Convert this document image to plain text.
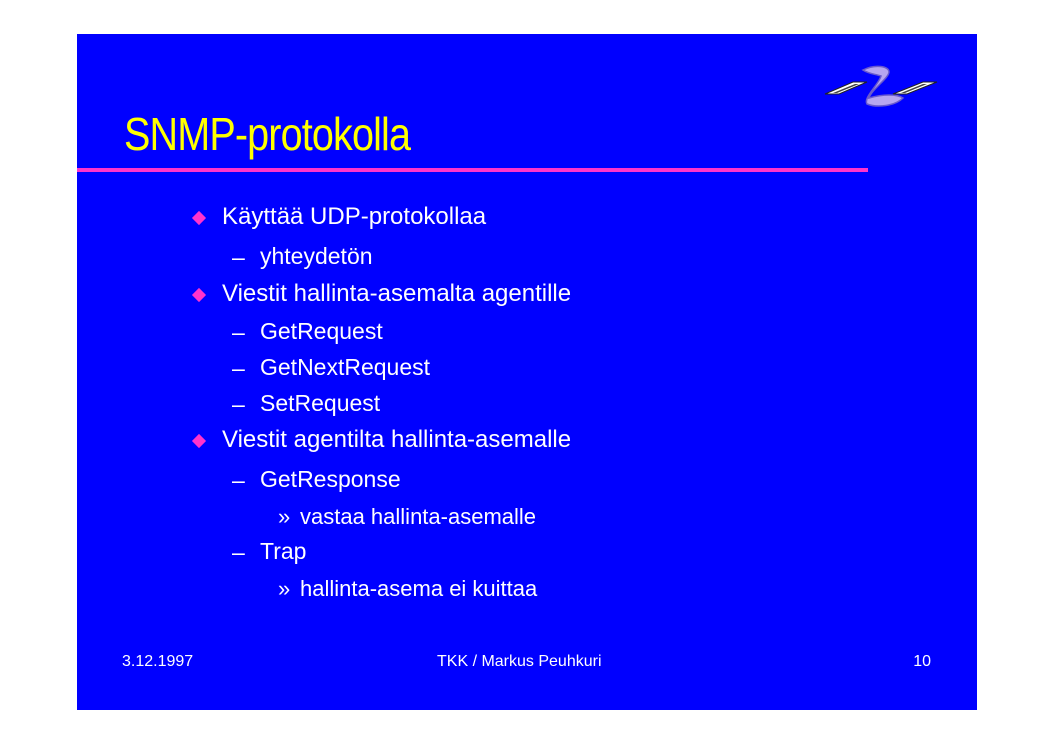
SNMP-protokolla
Käyttää UDP-protokollaa
– yhteydetön
Viestit hallinta-asemalta agentille
– GetRequest
– GetNextRequest
– SetRequest
Viestit agentilta hallinta-asemalle
– GetResponse
» vastaa hallinta-asemalle
– Trap
» hallinta-asema ei kuittaa
3.12.1997	TKK / Markus Peuhkuri	10
